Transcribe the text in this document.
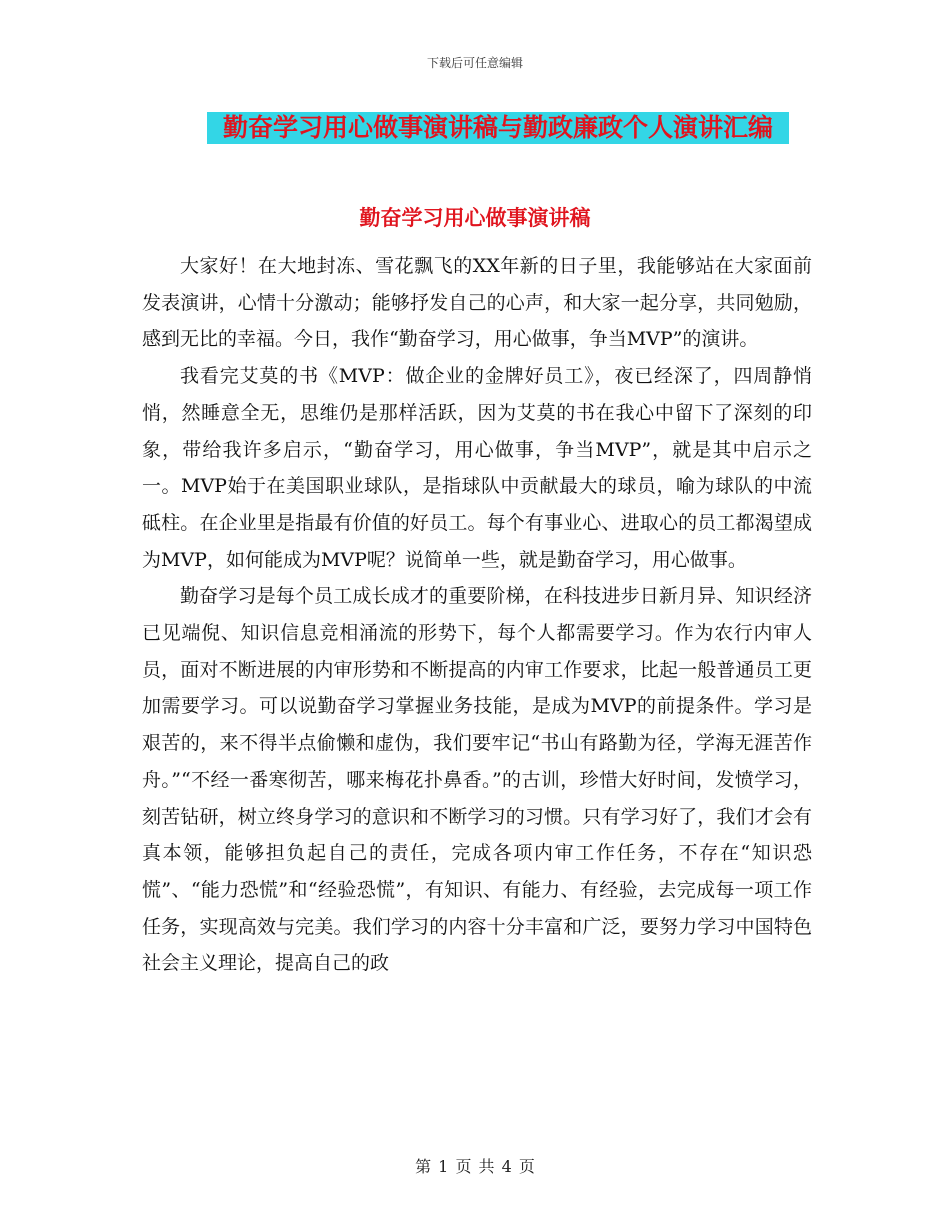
下载后可任意编辑
勤奋学习用心做事演讲稿与勤政廉政个人演讲汇编
勤奋学习用心做事演讲稿

大家好！在大地封冻、雪花飘飞的XX年新的日子里，我能够站在大家面前发表演讲，心情十分激动；能够抒发自己的心声，和大家一起分享，共同勉励，感到无比的幸福。今日，我作“勤奋学习，用心做事，争当MVP”的演讲。

我看完艾莫的书《MVP：做企业的金牌好员工》，夜已经深了，四周静悄悄，然睡意全无，思维仍是那样活跃，因为艾莫的书在我心中留下了深刻的印象，带给我许多启示，“勤奋学习，用心做事，争当MVP”，就是其中启示之一。MVP始于在美国职业球队，是指球队中贡献最大的球员，喻为球队的中流砥柱。在企业里是指最有价值的好员工。每个有事业心、进取心的员工都渴望成为MVP，如何能成为MVP呢？说简单一些，就是勤奋学习，用心做事。

勤奋学习是每个员工成长成才的重要阶梯，在科技进步日新月异、知识经济已见端倪、知识信息竞相涌流的形势下，每个人都需要学习。作为农行内审人员，面对不断进展的内审形势和不断提高的内审工作要求，比起一般普通员工更加需要学习。可以说勤奋学习掌握业务技能，是成为MVP的前提条件。学习是艰苦的，来不得半点偷懒和虚伪，我们要牢记“书山有路勤为径，学海无涯苦作舟。”“不经一番寒彻苦，哪来梅花扑鼻香。”的古训，珍惜大好时间，发愤学习，刻苦钻研，树立终身学习的意识和不断学习的习惯。只有学习好了，我们才会有真本领，能够担负起自己的责任，完成各项内审工作任务，不存在“知识恐慌”、“能力恐慌”和“经验恐慌”，有知识、有能力、有经验，去完成每一项工作任务，实现高效与完美。我们学习的内容十分丰富和广泛，要努力学习中国特色社会主义理论，提高自己的政

第 1 页 共 4 页
